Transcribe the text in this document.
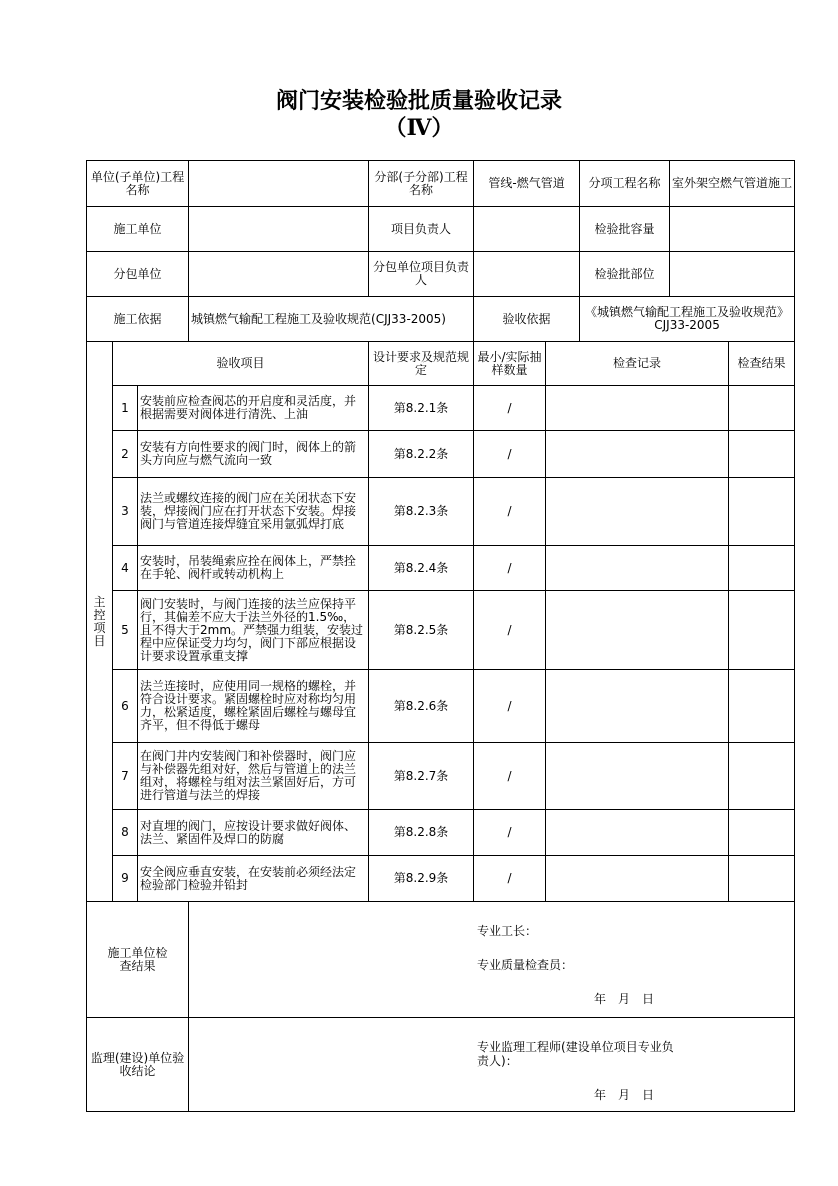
阀门安装检验批质量验收记录
（Ⅳ）
单位(子单位)工程名称				分部(子分部)工程名称	管线-燃气管道		分项工程名称	室外架空燃气管道施工	
施工单位				项目负责人			检验批容量		
分包单位				分包单位项目负责人			检验批部位		
施工依据			城镇燃气输配工程施工及验收规范(CJJ33-2005)		验收依据		《城镇燃气输配工程施工及验收规范》CJJ33-2005		
主控项目	验收项目			设计要求及规范规定	最小/实际抽样数量	检查记录			检查结果
	1	安装前应检查阀芯的开启度和灵活度，并根据需要对阀体进行清洗、上油		第8.2.1条	/				
	2	安装有方向性要求的阀门时，阀体上的箭头方向应与燃气流向一致		第8.2.2条	/				
	3	法兰或螺纹连接的阀门应在关闭状态下安装，焊接阀门应在打开状态下安装。焊接阀门与管道连接焊缝宜采用氩弧焊打底		第8.2.3条	/				
	4	安装时，吊装绳索应拴在阀体上，严禁拴在手轮、阀杆或转动机构上		第8.2.4条	/				
	5	阀门安装时，与阀门连接的法兰应保持平行，其偏差不应大于法兰外径的1.5‰，且不得大于2mm。严禁强力组装，安装过程中应保证受力均匀，阀门下部应根据设计要求设置承重支撑		第8.2.5条	/				
	6	法兰连接时，应使用同一规格的螺栓，并符合设计要求。紧固螺栓时应对称均匀用力，松紧适度，螺栓紧固后螺栓与螺母宜齐平，但不得低于螺母		第8.2.6条	/				
	7	在阀门井内安装阀门和补偿器时，阀门应与补偿器先组对好，然后与管道上的法兰组对，将螺栓与组对法兰紧固好后，方可进行管道与法兰的焊接		第8.2.7条	/				
	8	对直埋的阀门，应按设计要求做好阀体、法兰、紧固件及焊口的防腐		第8.2.8条	/				
	9	安全阀应垂直安装，在安装前必须经法定检验部门检验并铅封		第8.2.9条	/				
施工单位检查结果			专业工长：
专业质量检查员：
年　月　日						

监理(建设)单位验收结论			专业监理工程师(建设单位项目专业负责人)：
年　月　日						
